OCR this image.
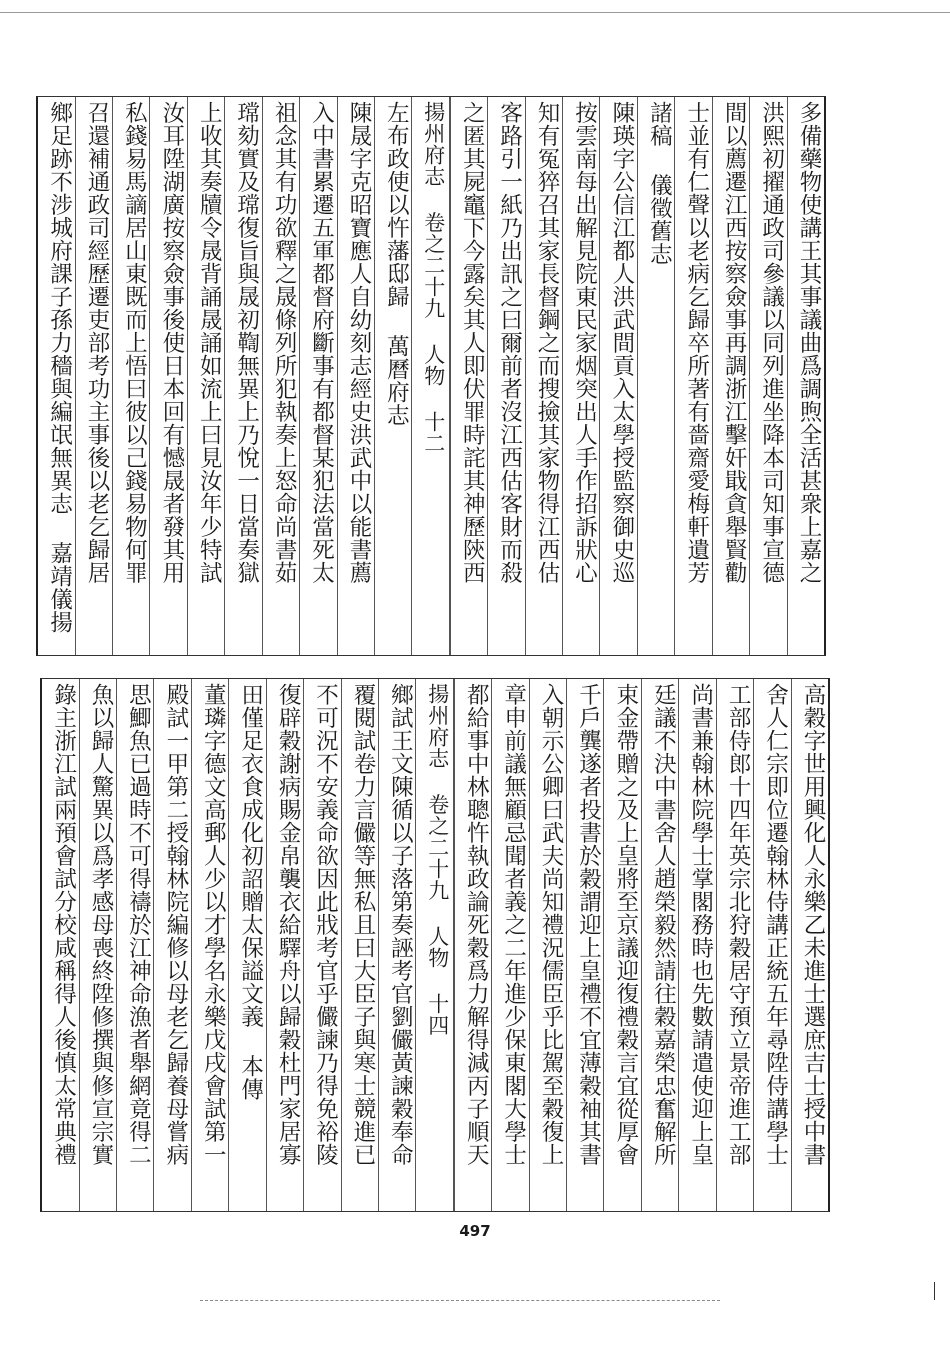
多備藥物使講王其事議曲爲調煦全活甚衆上嘉之
洪熙初擢通政司參議以同列進坐降本司知事宣德
間以薦遷江西按察僉事再調浙江擊奸戢貪舉賢勸
士並有仁聲以老病乞歸卒所著有嗇齋愛梅軒遺芳
諸稿 儀徵舊志
陳瑛字公信江都人洪武間貢入太學授監察御史巡
按雲南每出解見院東民家烟突出人手作招訴狀心
知有冤猝召其家長督鋼之而搜撿其家物得江西估
客路引一紙乃出訊之曰爾前者沒江西估客財而殺
之匿其屍竈下今露矣其人即伏罪時詫其神歷陝西
揚州府志 卷之二十九 人物 十二
左布政使以忤藩邸歸 萬曆府志
陳晟字克昭寶應人自幼刻志經史洪武中以能書薦
入中書累遷五軍都督府斷事有都督某犯法當死太
祖念其有功欲釋之晟條列所犯執奏上怒命尚書茹
瑺劾實及瑺復旨與晟初鞫無異上乃悅一日當奏獄
上收其奏牘令晟背誦晟誦如流上曰見汝年少特試
汝耳陞湖廣按察僉事後使日本回有憾晟者發其用
私錢易馬謫居山東既而上悟曰彼以己錢易物何罪
召還補通政司經歷遷吏部考功主事後以老乞歸居
鄉足跡不涉城府課子孫力穡與編氓無異志 嘉靖儀揚
高穀字世用興化人永樂乙未進士選庶吉士授中書
舍人仁宗即位遷翰林侍講正統五年尋陞侍講學士
工部侍郎十四年英宗北狩穀居守預立景帝進工部
尚書兼翰林院學士掌閣務時也先數請遣使迎上皇
廷議不決中書舍人趙榮毅然請往穀嘉榮忠奮解所
束金帶贈之及上皇將至京議迎復禮穀言宜從厚會
千戶龔遂者投書於穀謂迎上皇禮不宜薄穀袖其書
入朝示公卿曰武夫尚知禮況儒臣乎比駕至穀復上
章申前議無顧忌聞者義之二年進少保東閣大學士
都給事中林聰忤執政論死穀爲力解得減丙子順天
揚州府志 卷之二十九 人物 十四
鄉試王文陳循以子落第奏誣考官劉儼黃諫穀奉命
覆閱試卷力言儼等無私且曰大臣子與寒士競進已
不可況不安義命欲因此戕考官乎儼諫乃得免裕陵
復辟穀謝病賜金帛襲衣給驛舟以歸穀杜門家居寡
田僅足衣食成化初詔贈太保謚文義 本傳
董璘字德文高郵人少以才學名永樂戊戌會試第一
殿試一甲第二授翰林院編修以母老乞歸養母嘗病
思鯽魚已過時不可得禱於江神命漁者舉網竟得二
魚以歸人驚異以爲孝感母喪終陞修撰與修宣宗實
錄主浙江試兩預會試分校咸稱得人後慎太常典禮
497
